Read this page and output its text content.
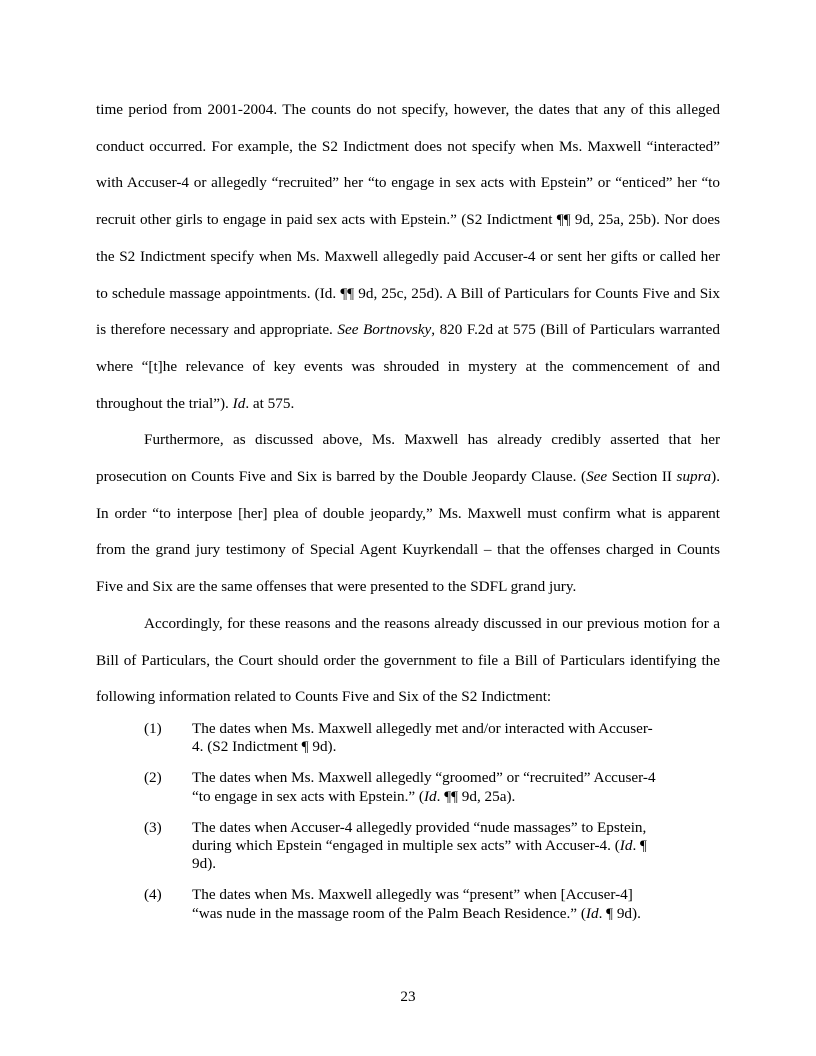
time period from 2001-2004. The counts do not specify, however, the dates that any of this alleged conduct occurred. For example, the S2 Indictment does not specify when Ms. Maxwell “interacted” with Accuser-4 or allegedly “recruited” her “to engage in sex acts with Epstein” or “enticed” her “to recruit other girls to engage in paid sex acts with Epstein.” (S2 Indictment ¶¶ 9d, 25a, 25b). Nor does the S2 Indictment specify when Ms. Maxwell allegedly paid Accuser-4 or sent her gifts or called her to schedule massage appointments. (Id. ¶¶ 9d, 25c, 25d). A Bill of Particulars for Counts Five and Six is therefore necessary and appropriate. See Bortnovsky, 820 F.2d at 575 (Bill of Particulars warranted where “[t]he relevance of key events was shrouded in mystery at the commencement of and throughout the trial”). Id. at 575.

Furthermore, as discussed above, Ms. Maxwell has already credibly asserted that her prosecution on Counts Five and Six is barred by the Double Jeopardy Clause. (See Section II supra). In order “to interpose [her] plea of double jeopardy,” Ms. Maxwell must confirm what is apparent from the grand jury testimony of Special Agent Kuyrkendall – that the offenses charged in Counts Five and Six are the same offenses that were presented to the SDFL grand jury.

Accordingly, for these reasons and the reasons already discussed in our previous motion for a Bill of Particulars, the Court should order the government to file a Bill of Particulars identifying the following information related to Counts Five and Six of the S2 Indictment:

(1) The dates when Ms. Maxwell allegedly met and/or interacted with Accuser-4. (S2 Indictment ¶ 9d).
(2) The dates when Ms. Maxwell allegedly “groomed” or “recruited” Accuser-4 “to engage in sex acts with Epstein.” (Id. ¶¶ 9d, 25a).
(3) The dates when Accuser-4 allegedly provided “nude massages” to Epstein, during which Epstein “engaged in multiple sex acts” with Accuser-4. (Id. ¶ 9d).
(4) The dates when Ms. Maxwell allegedly was “present” when [Accuser-4] “was nude in the massage room of the Palm Beach Residence.” (Id. ¶ 9d).
23
